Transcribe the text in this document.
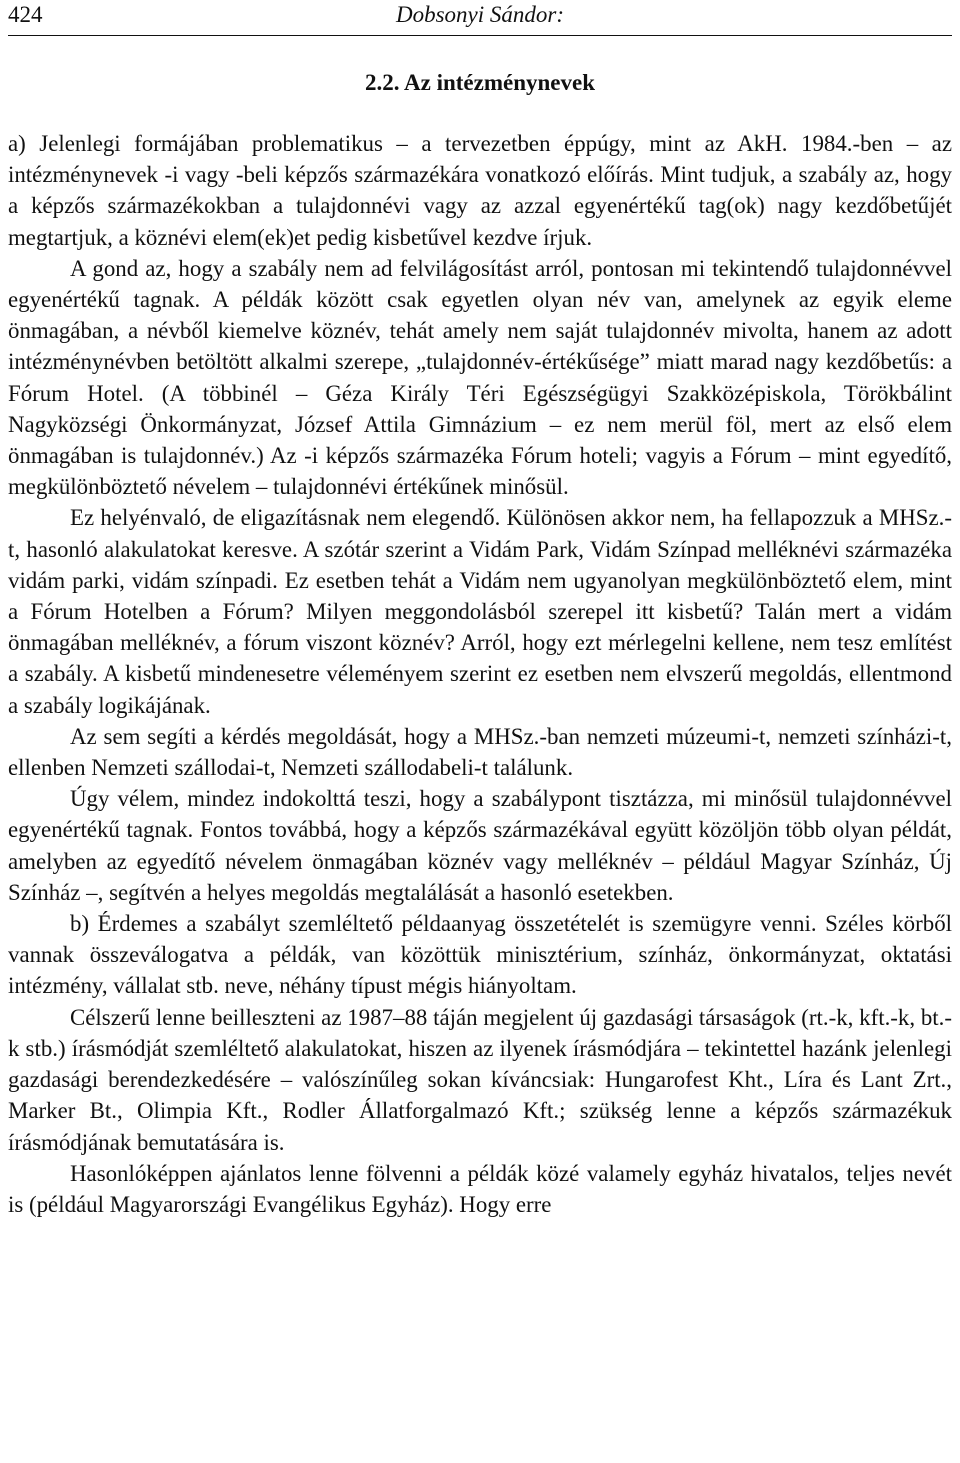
424	Dobsonyi Sándor:
2.2. Az intézménynevek

a) Jelenlegi formájában problematikus – a tervezetben éppúgy, mint az AkH. 1984.-ben – az intézménynevek -i vagy -beli képzős származékára vonatkozó előírás. Mint tudjuk, a szabály az, hogy a képzős származékokban a tulajdonnévi vagy az azzal egyenértékű tag(ok) nagy kezdőbetűjét megtartjuk, a köznévi elem(ek)et pedig kisbetűvel kezdve írjuk.

A gond az, hogy a szabály nem ad felvilágosítást arról, pontosan mi tekintendő tulajdonnévvel egyenértékű tagnak. A példák között csak egyetlen olyan név van, amelynek az egyik eleme önmagában, a névből kiemelve köznév, tehát amely nem saját tulajdonnév mivolta, hanem az adott intézménynévben betöltött alkalmi szerepe, „tulajdonnév-értékűsége” miatt marad nagy kezdőbetűs: a Fórum Hotel. (A többinél – Géza Király Téri Egészségügyi Szakközépiskola, Törökbálint Nagyközségi Önkormányzat, József Attila Gimnázium – ez nem merül föl, mert az első elem önmagában is tulajdonnév.) Az -i képzős származéka Fórum hoteli; vagyis a Fórum – mint egyedítő, megkülönböztető névelem – tulajdonnévi értékűnek minősül.

Ez helyénvaló, de eligazításnak nem elegendő. Különösen akkor nem, ha fellapozzuk a MHSz.-t, hasonló alakulatokat keresve. A szótár szerint a Vidám Park, Vidám Színpad melléknévi származéka vidám parki, vidám színpadi. Ez esetben tehát a Vidám nem ugyanolyan megkülönböztető elem, mint a Fórum Hotelben a Fórum? Milyen meggondolásból szerepel itt kisbetű? Talán mert a vidám önmagában melléknév, a fórum viszont köznév? Arról, hogy ezt mérlegelni kellene, nem tesz említést a szabály. A kisbetű mindenesetre véleményem szerint ez esetben nem elvszerű megoldás, ellentmond a szabály logikájának.

Az sem segíti a kérdés megoldását, hogy a MHSz.-ban nemzeti múzeumi-t, nemzeti színházi-t, ellenben Nemzeti szállodai-t, Nemzeti szállodabeli-t találunk.

Úgy vélem, mindez indokolttá teszi, hogy a szabálypont tisztázza, mi minősül tulajdonnévvel egyenértékű tagnak. Fontos továbbá, hogy a képzős származékával együtt közöljön több olyan példát, amelyben az egyedítő névelem önmagában köznév vagy melléknév – például Magyar Színház, Új Színház –, segítvén a helyes megoldás megtalálását a hasonló esetekben.

b) Érdemes a szabályt szemléltető példaanyag összetételét is szemügyre venni. Széles körből vannak összeválogatva a példák, van közöttük minisztérium, színház, önkormányzat, oktatási intézmény, vállalat stb. neve, néhány típust mégis hiányoltam.

Célszerű lenne beilleszteni az 1987–88 táján megjelent új gazdasági társaságok (rt.-k, kft.-k, bt.-k stb.) írásmódját szemléltető alakulatokat, hiszen az ilyenek írásmódjára – tekintettel hazánk jelenlegi gazdasági berendezkedésére – valószínűleg sokan kíváncsiak: Hungarofest Kht., Líra és Lant Zrt., Marker Bt., Olimpia Kft., Rodler Állatforgalmazó Kft.; szükség lenne a képzős származékuk írásmódjának bemutatására is.

Hasonlóképpen ajánlatos lenne fölvenni a példák közé valamely egyház hivatalos, teljes nevét is (például Magyarországi Evangélikus Egyház). Hogy erre
